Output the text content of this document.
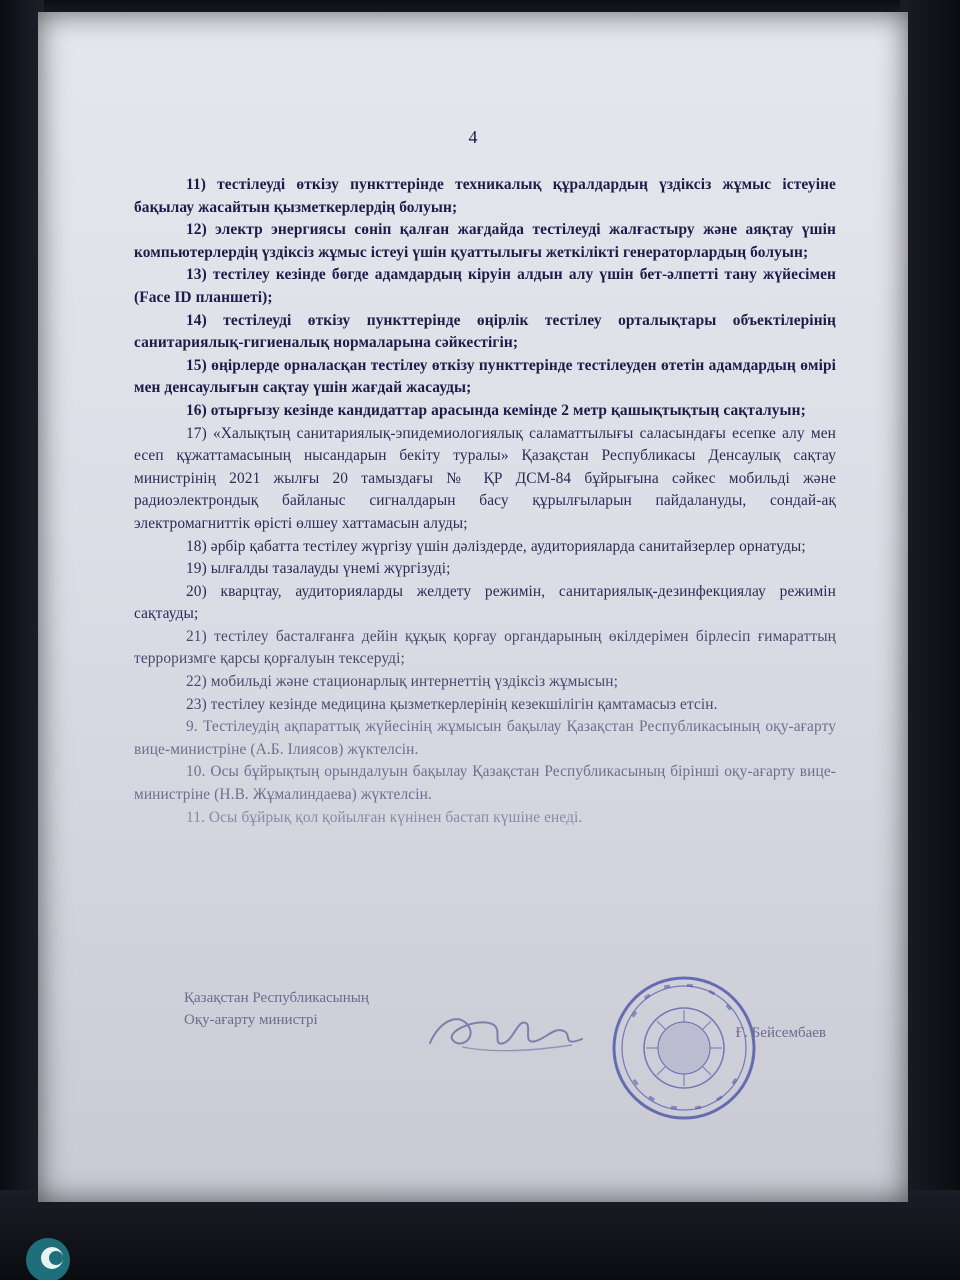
4

11) тестілеуді өткізу пункттерінде техникалық құралдардың үздіксіз жұмыс істеуіне бақылау жасайтын қызметкерлердің болуын;

12) электр энергиясы сөніп қалған жағдайда тестілеуді жалғастыру және аяқтау үшін компьютерлердің үздіксіз жұмыс істеуі үшін қуаттылығы жеткілікті генераторлардың болуын;

13) тестілеу кезінде бөгде адамдардың кіруін алдын алу үшін бет-әлпетті тану жүйесімен (Face ID планшеті);

14) тестілеуді өткізу пункттерінде өңірлік тестілеу орталықтары объектілерінің санитариялық-гигиеналық нормаларына сәйкестігін;

15) өңірлерде орналасқан тестілеу өткізу пункттерінде тестілеуден өтетін адамдардың өмірі мен денсаулығын сақтау үшін жағдай жасауды;

16) отырғызу кезінде кандидаттар арасында кемінде 2 метр қашықтықтың сақталуын;

17) «Халықтың санитариялық-эпидемиологиялық саламаттылығы саласындағы есепке алу мен есеп құжаттамасының нысандарын бекіту туралы» Қазақстан Республикасы Денсаулық сақтау министрінің 2021 жылғы 20 тамыздағы № ҚР ДСМ-84 бұйрығына сәйкес мобильді және радиоэлектрондық байланыс сигналдарын басу құрылғыларын пайдалануды, сондай-ақ электромагниттік өрісті өлшеу хаттамасын алуды;

18) әрбір қабатта тестілеу жүргізу үшін дәліздерде, аудиторияларда санитайзерлер орнатуды;

19) ылғалды тазалауды үнемі жүргізуді;

20) кварцтау, аудиторияларды желдету режимін, санитариялық-дезинфекциялау режимін сақтауды;

21) тестілеу басталғанға дейін құқық қорғау органдарының өкілдерімен бірлесіп ғимараттың терроризмге қарсы қорғалуын тексеруді;

22) мобильді және стационарлық интернеттің үздіксіз жұмысын;

23) тестілеу кезінде медицина қызметкерлерінің кезекшілігін қамтамасыз етсін.

9. Тестілеудің ақпараттық жүйесінің жұмысын бақылау Қазақстан Республикасының оқу-ағарту вице-министріне (А.Б. Ілиясов) жүктелсін.

10. Осы бұйрықтың орындалуын бақылау Қазақстан Республикасының бірінші оқу-ағарту вице-министріне (Н.В. Жұмалиндаева) жүктелсін.

11. Осы бұйрық қол қойылған күнінен бастап күшіне енеді.

Қазақстан Республикасының
Оқу-ағарту министрі
Ғ. Бейсембаев
